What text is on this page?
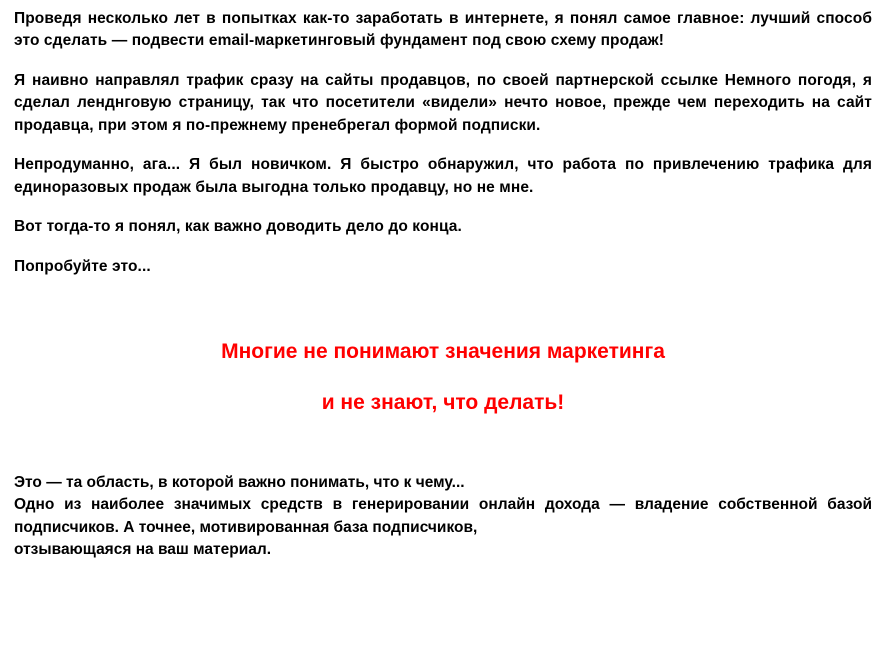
Проведя несколько лет в попытках как-то заработать в интернете, я понял самое главное: лучший способ это сделать — подвести email-маркетинговый фундамент под свою схему продаж!

Я наивно направлял трафик сразу на сайты продавцов, по своей партнерской ссылке Немного погодя, я сделал ленднговую страницу, так что посетители «видели» нечто новое, прежде чем переходить на сайт продавца, при этом я по-прежнему пренебрегал формой подписки.

Непродуманно, ага... Я был новичком. Я быстро обнаружил, что работа по привлечению трафика для единоразовых продаж была выгодна только продавцу, но не мне.

Вот тогда-то я понял, как важно доводить дело до конца.

Попробуйте это...

Многие не понимают значения маркетинга

и не знают, что делать!

Это — та область, в которой важно понимать, что к чему...
Одно из наиболее значимых средств в генерировании онлайн дохода — владение собственной базой подписчиков. А точнее, мотивированная база подписчиков,
отзывающаяся на ваш материал.
